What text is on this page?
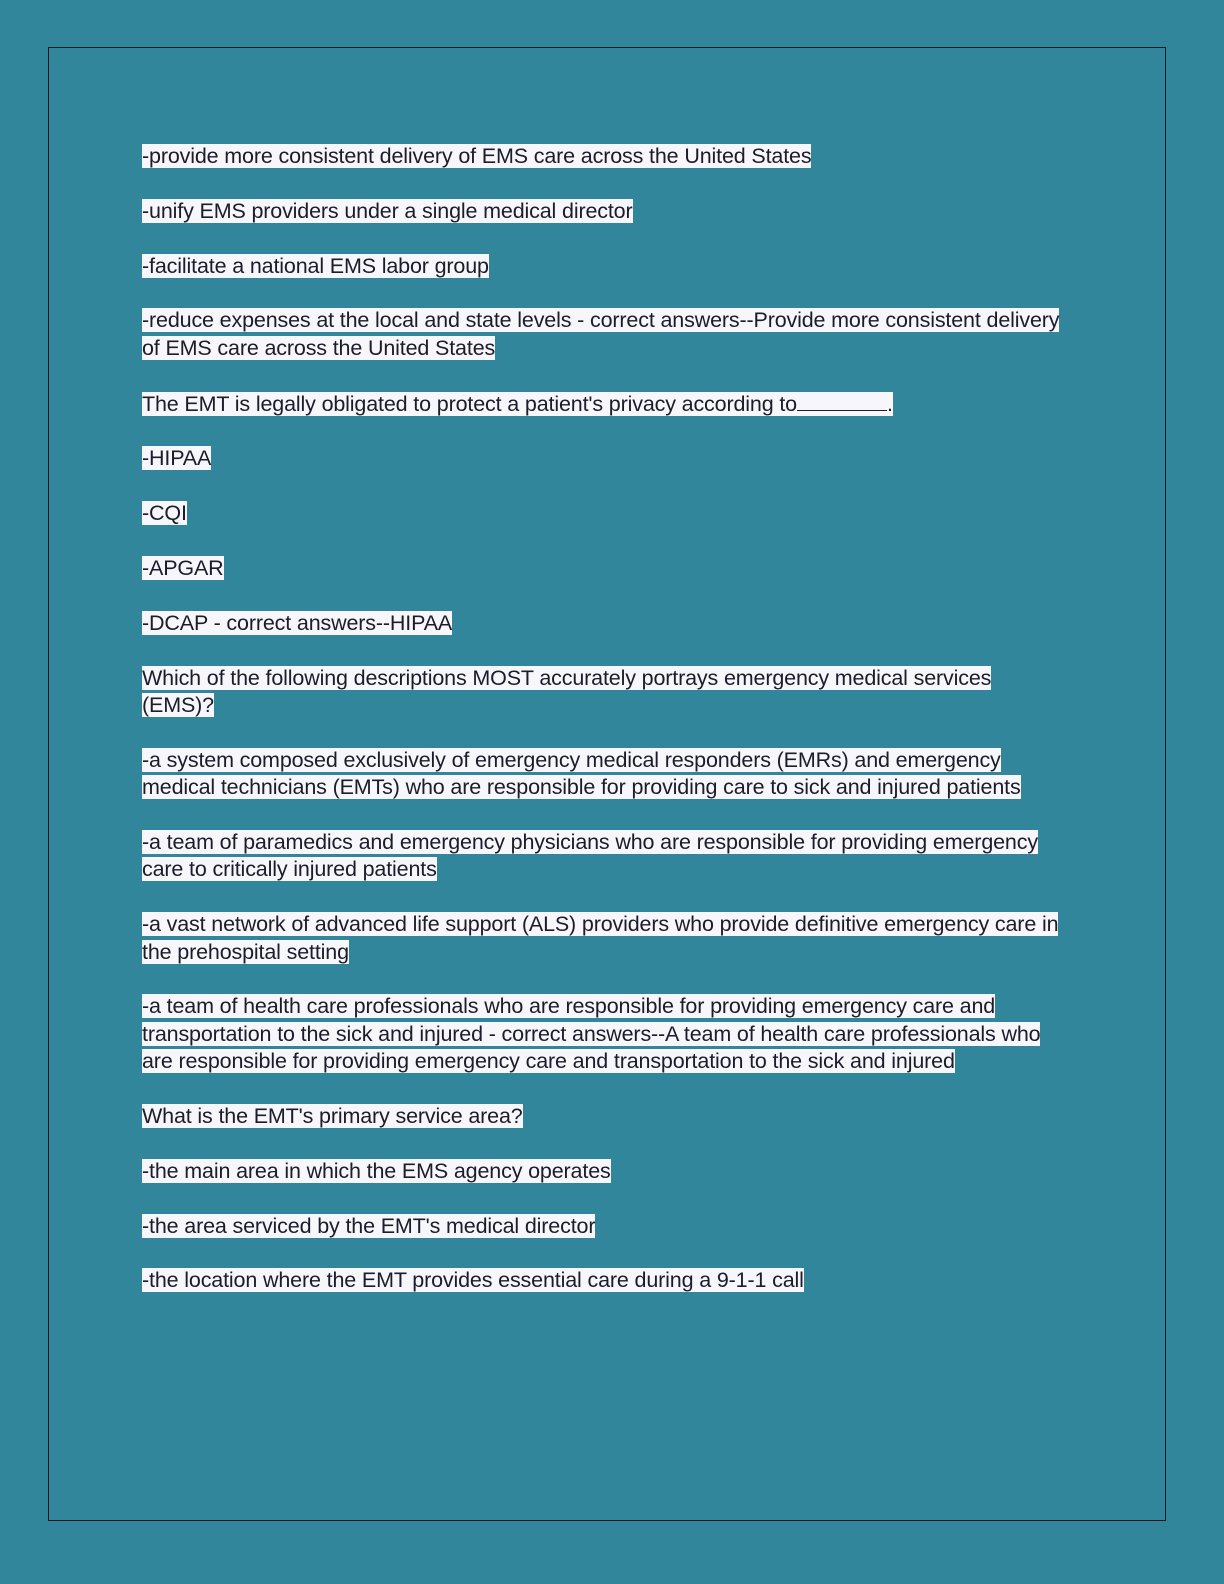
-provide more consistent delivery of EMS care across the United States

-unify EMS providers under a single medical director

-facilitate a national EMS labor group

-reduce expenses at the local and state levels - correct answers--Provide more consistent delivery of EMS care across the United States

The EMT is legally obligated to protect a patient's privacy according to	.

-HIPAA

-CQI

-APGAR

-DCAP - correct answers--HIPAA

Which of the following descriptions MOST accurately portrays emergency medical services (EMS)?

-a system composed exclusively of emergency medical responders (EMRs) and emergency medical technicians (EMTs) who are responsible for providing care to sick and injured patients

-a team of paramedics and emergency physicians who are responsible for providing emergency care to critically injured patients

-a vast network of advanced life support (ALS) providers who provide definitive emergency care in the prehospital setting

-a team of health care professionals who are responsible for providing emergency care and transportation to the sick and injured - correct answers--A team of health care professionals who are responsible for providing emergency care and transportation to the sick and injured

What is the EMT's primary service area?

-the main area in which the EMS agency operates

-the area serviced by the EMT's medical director

-the location where the EMT provides essential care during a 9-1-1 call
